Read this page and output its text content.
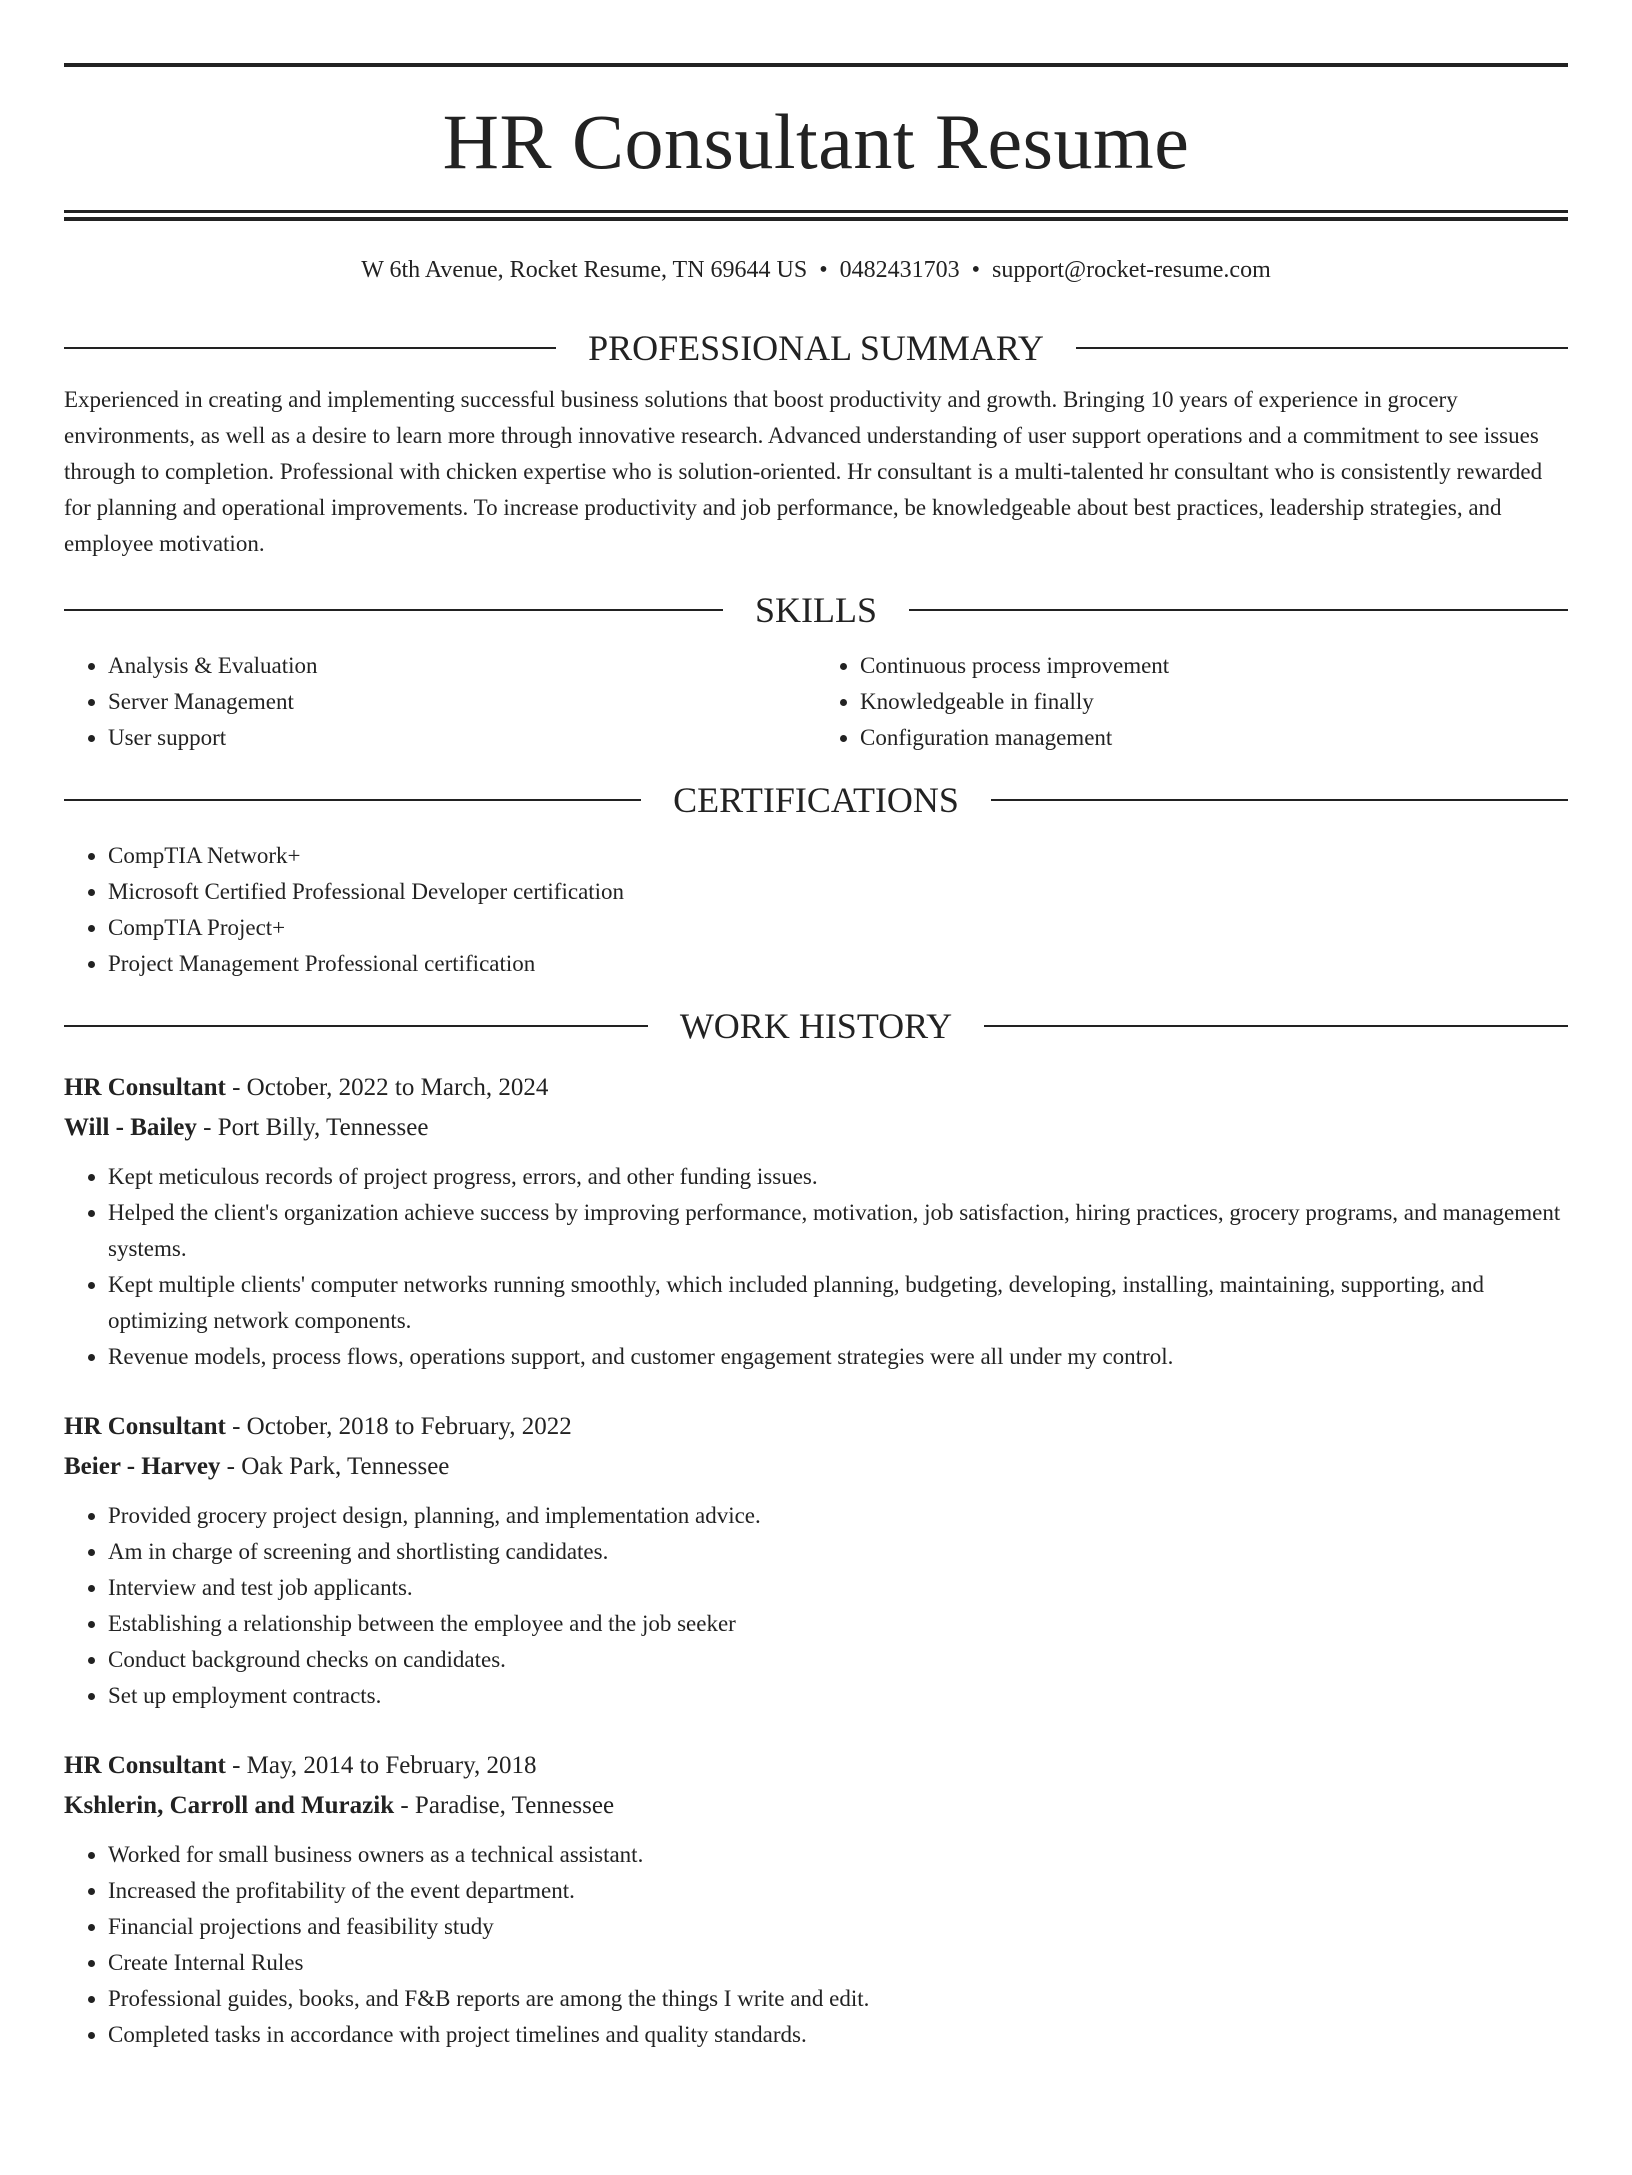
HR Consultant Resume
W 6th Avenue, Rocket Resume, TN 69644 US • 0482431703 • support@rocket-resume.com
PROFESSIONAL SUMMARY

Experienced in creating and implementing successful business solutions that boost productivity and growth. Bringing 10 years of experience in grocery environments, as well as a desire to learn more through innovative research. Advanced understanding of user support operations and a commitment to see issues through to completion. Professional with chicken expertise who is solution-oriented. Hr consultant is a multi-talented hr consultant who is consistently rewarded for planning and operational improvements. To increase productivity and job performance, be knowledgeable about best practices, leadership strategies, and employee motivation.

SKILLS
• Analysis & Evaluation
• Server Management
• User support
• Continuous process improvement
• Knowledgeable in finally
• Configuration management
CERTIFICATIONS
• CompTIA Network+
• Microsoft Certified Professional Developer certification
• CompTIA Project+
• Project Management Professional certification
WORK HISTORY
HR Consultant - October, 2022 to March, 2024
Will - Bailey - Port Billy, Tennessee
• Kept meticulous records of project progress, errors, and other funding issues.
• Helped the client's organization achieve success by improving performance, motivation, job satisfaction, hiring practices, grocery programs, and management systems.
• Kept multiple clients' computer networks running smoothly, which included planning, budgeting, developing, installing, maintaining, supporting, and optimizing network components.
• Revenue models, process flows, operations support, and customer engagement strategies were all under my control.
HR Consultant - October, 2018 to February, 2022
Beier - Harvey - Oak Park, Tennessee
• Provided grocery project design, planning, and implementation advice.
• Am in charge of screening and shortlisting candidates.
• Interview and test job applicants.
• Establishing a relationship between the employee and the job seeker
• Conduct background checks on candidates.
• Set up employment contracts.
HR Consultant - May, 2014 to February, 2018
Kshlerin, Carroll and Murazik - Paradise, Tennessee
• Worked for small business owners as a technical assistant.
• Increased the profitability of the event department.
• Financial projections and feasibility study
• Create Internal Rules
• Professional guides, books, and F&B reports are among the things I write and edit.
• Completed tasks in accordance with project timelines and quality standards.
